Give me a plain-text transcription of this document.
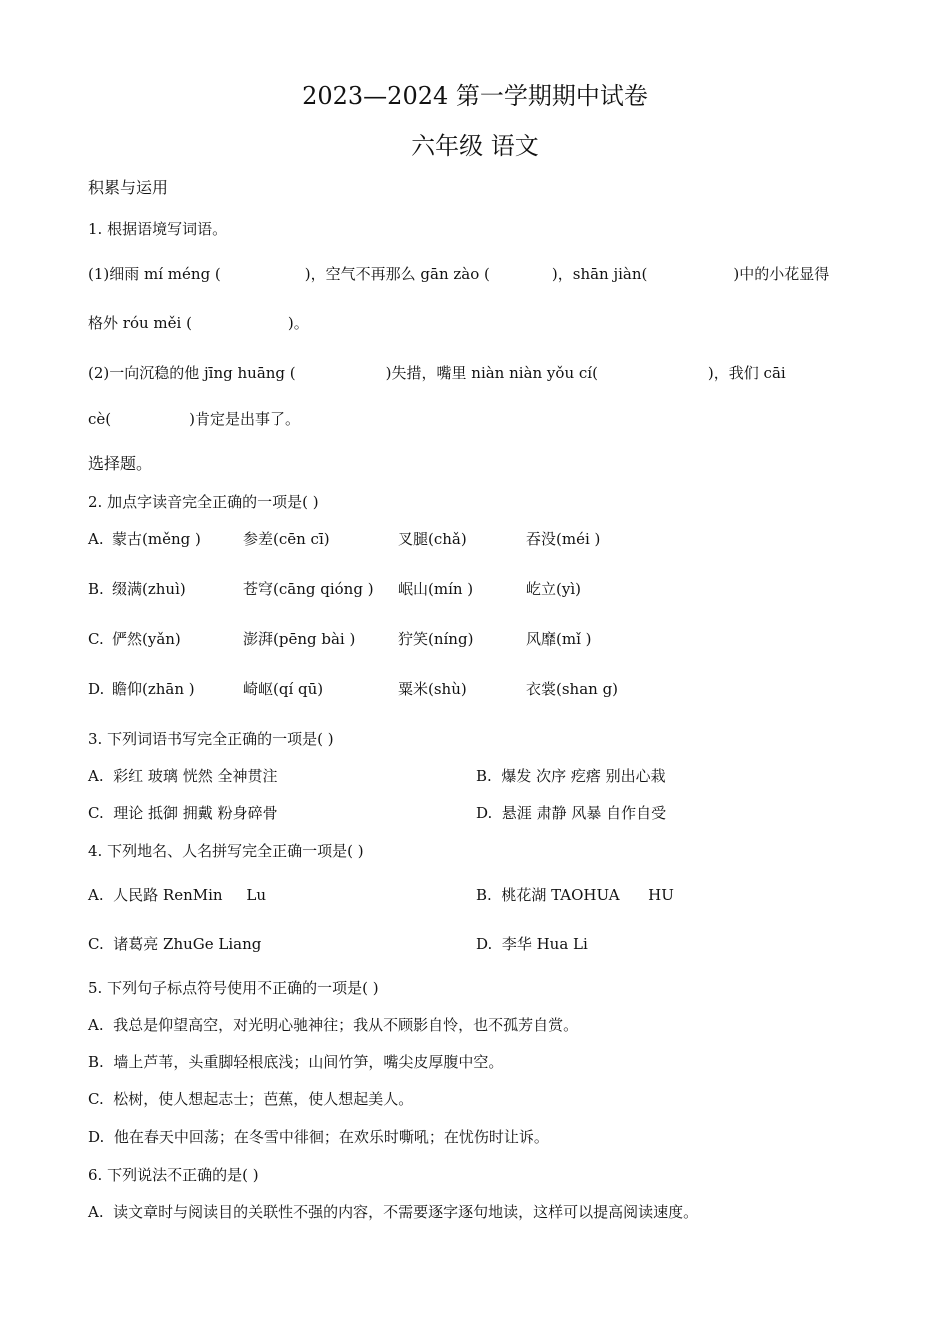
2023—2024 第一学期期中试卷
六年级 语文
积累与运用
1. 根据语境写词语。
(1)细雨 mí méng (	)，空气不再那么 gān zào (	)，shān jiàn(	)中的小花显得
格外 róu měi (	)。
(2)一向沉稳的他 jīng huāng (	)失措，嘴里 niàn niàn yǒu cí(	)，我们 cāi
cè(	)肯定是出事了。
选择题。
2. 加点字读音完全正确的一项是( )
A. 蒙古(měng )	参差(cēn cī)	叉腿(chǎ)	吞没(méi )
B. 缀满(zhuì)	苍穹(cāng qióng ) 岷山(mín )	屹立(yì)
C. 俨然(yǎn)	澎湃(pēng bài )	狞笑(níng)	风靡(mǐ )
D. 瞻仰(zhān )	崎岖(qí qū)	粟米(shù)	衣裳(shan g)
3. 下列词语书写完全正确的一项是( )
A. 彩红 玻璃 恍然 全神贯注	B. 爆发 次序 疙瘩 别出心栽
C. 理论 抵御 拥戴 粉身碎骨	D. 悬涯 肃静 风暴 自作自受
4. 下列地名、人名拼写完全正确一项是( )
A. 人民路 RenMin     Lu	B. 桃花湖 TAOHUA      HU
C. 诸葛亮 ZhuGe Liang	D. 李华 Hua Li
5. 下列句子标点符号使用不正确的一项是( )
A. 我总是仰望高空，对光明心驰神往；我从不顾影自怜，也不孤芳自赏。
B. 墙上芦苇，头重脚轻根底浅；山间竹笋，嘴尖皮厚腹中空。
C. 松树，使人想起志士；芭蕉，使人想起美人。
D. 他在春天中回荡；在冬雪中徘徊；在欢乐时嘶吼；在忧伤时让诉。
6. 下列说法不正确的是( )
A. 读文章时与阅读目的关联性不强的内容，不需要逐字逐句地读，这样可以提高阅读速度。
